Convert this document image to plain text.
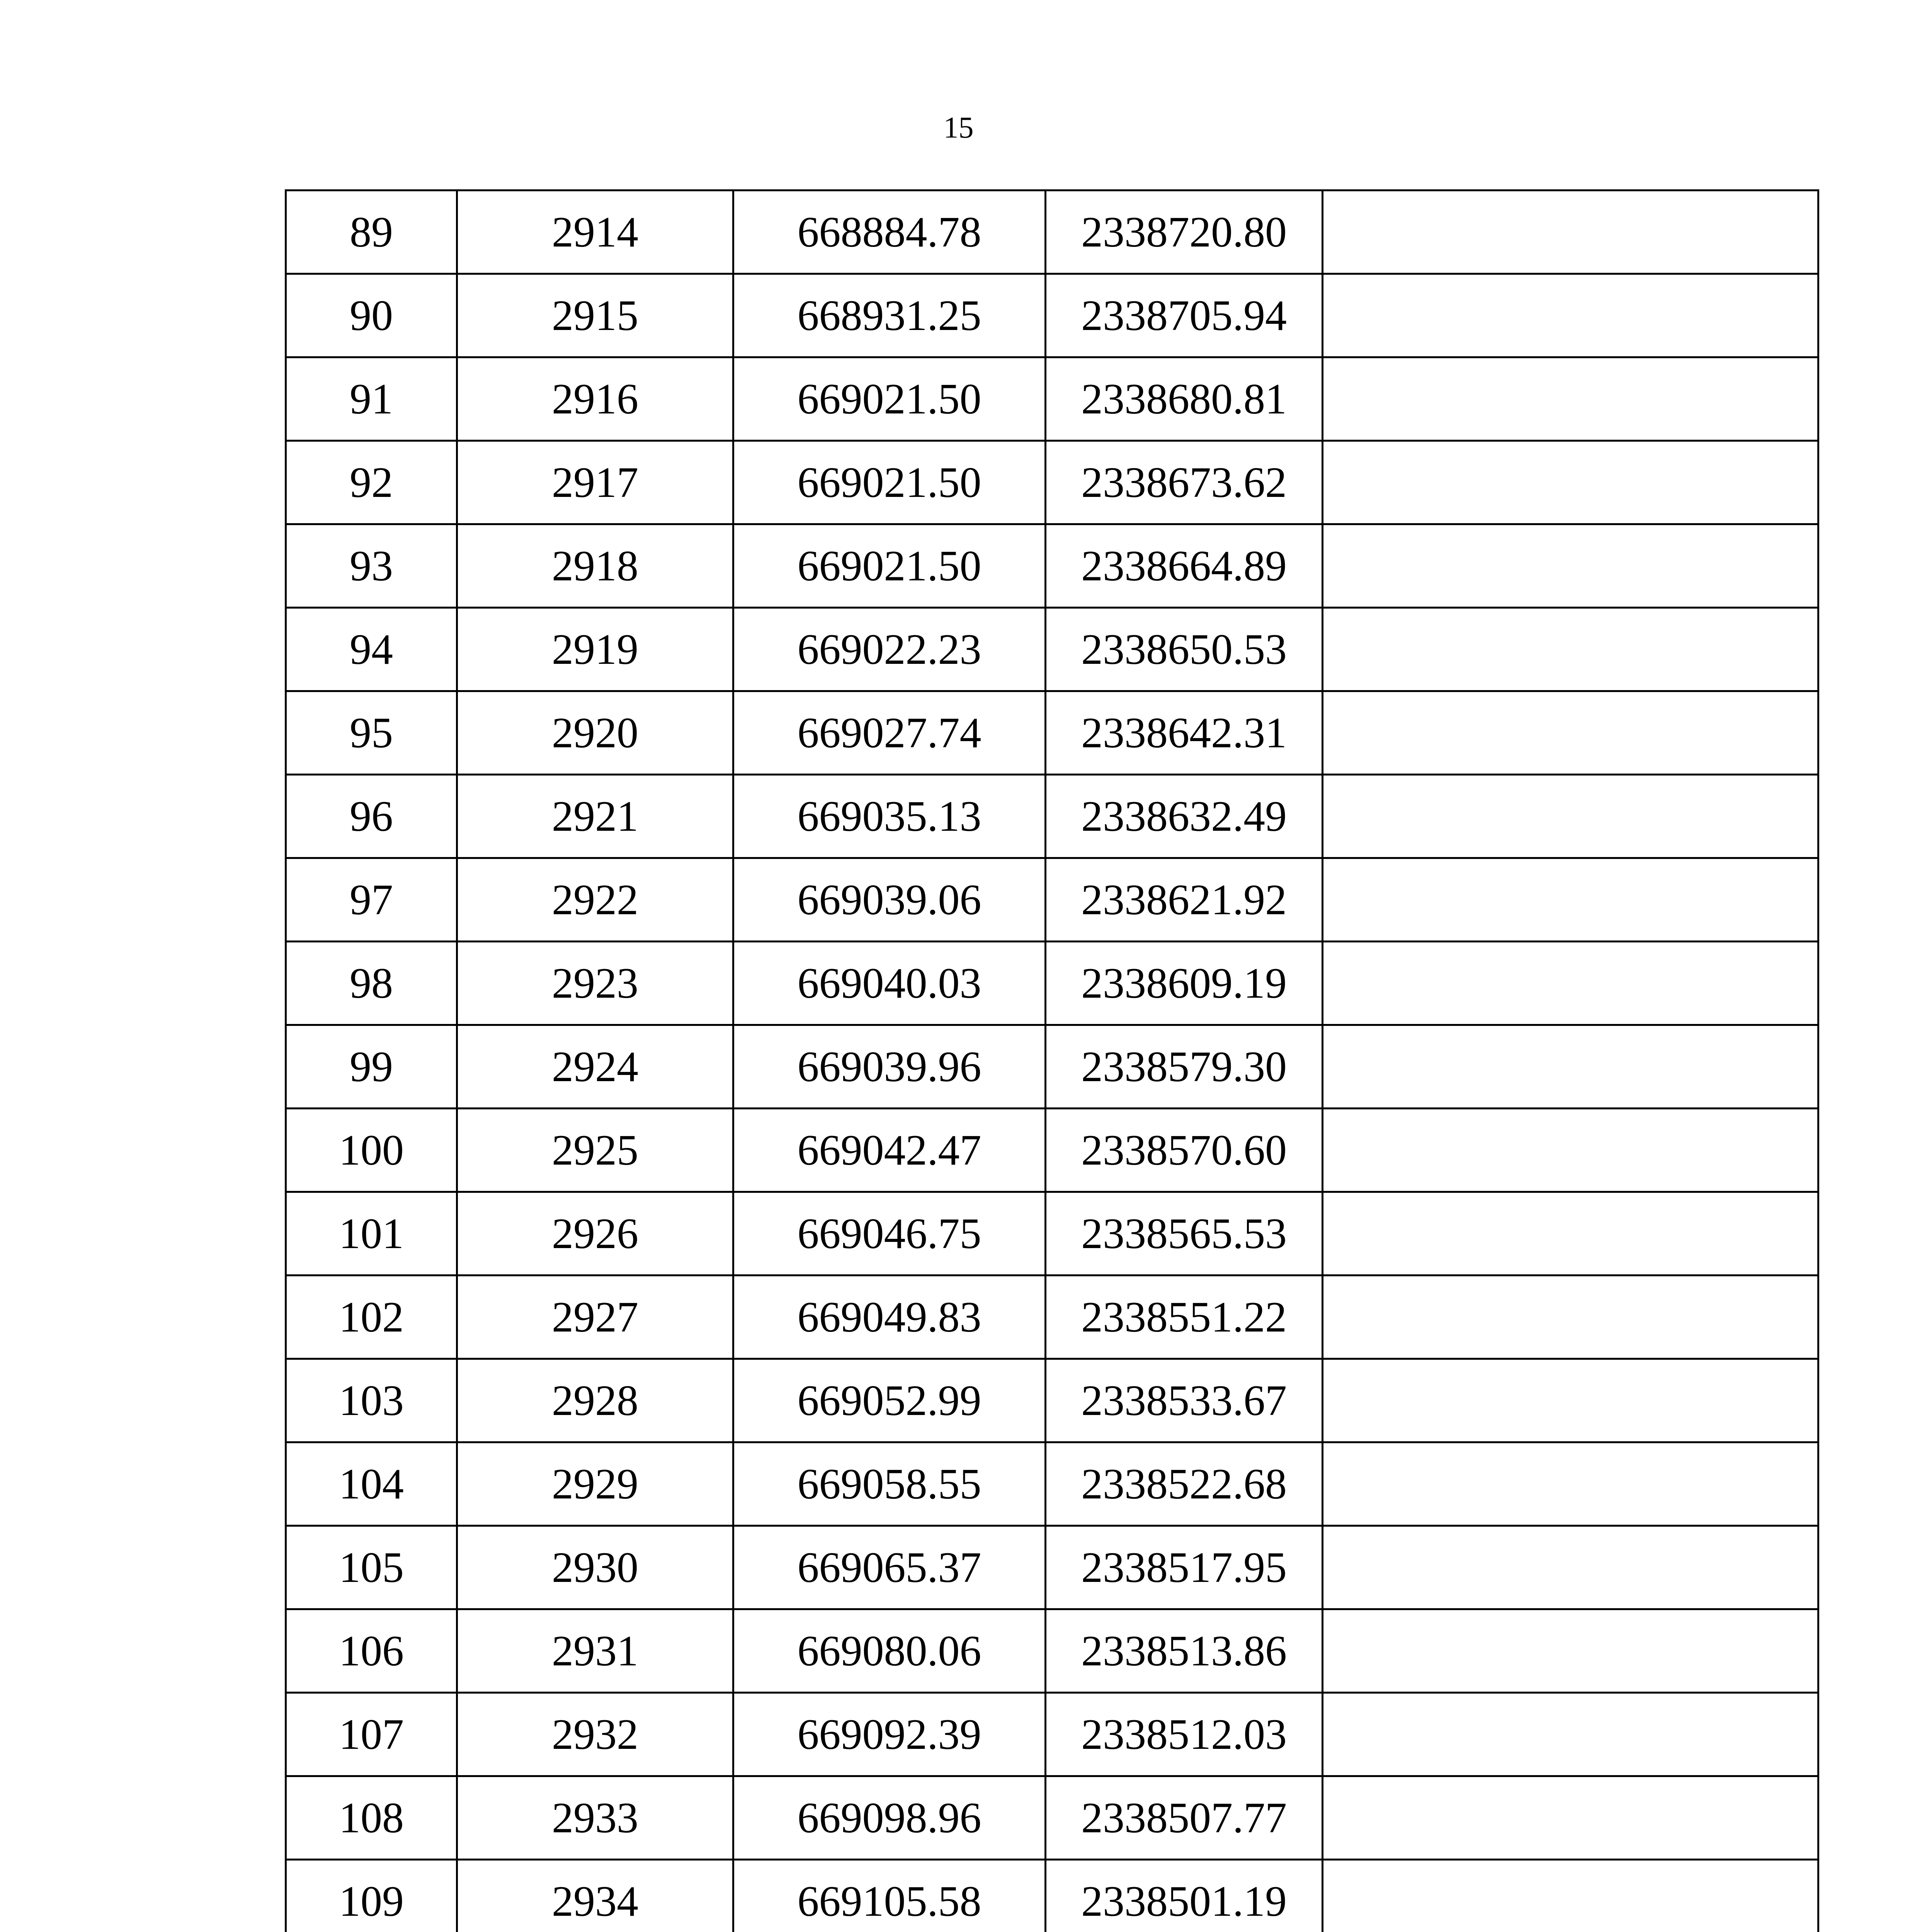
15
89	2914	668884.78	2338720.80	
90	2915	668931.25	2338705.94	
91	2916	669021.50	2338680.81	
92	2917	669021.50	2338673.62	
93	2918	669021.50	2338664.89	
94	2919	669022.23	2338650.53	
95	2920	669027.74	2338642.31	
96	2921	669035.13	2338632.49	
97	2922	669039.06	2338621.92	
98	2923	669040.03	2338609.19	
99	2924	669039.96	2338579.30	
100	2925	669042.47	2338570.60	
101	2926	669046.75	2338565.53	
102	2927	669049.83	2338551.22	
103	2928	669052.99	2338533.67	
104	2929	669058.55	2338522.68	
105	2930	669065.37	2338517.95	
106	2931	669080.06	2338513.86	
107	2932	669092.39	2338512.03	
108	2933	669098.96	2338507.77	
109	2934	669105.58	2338501.19	
